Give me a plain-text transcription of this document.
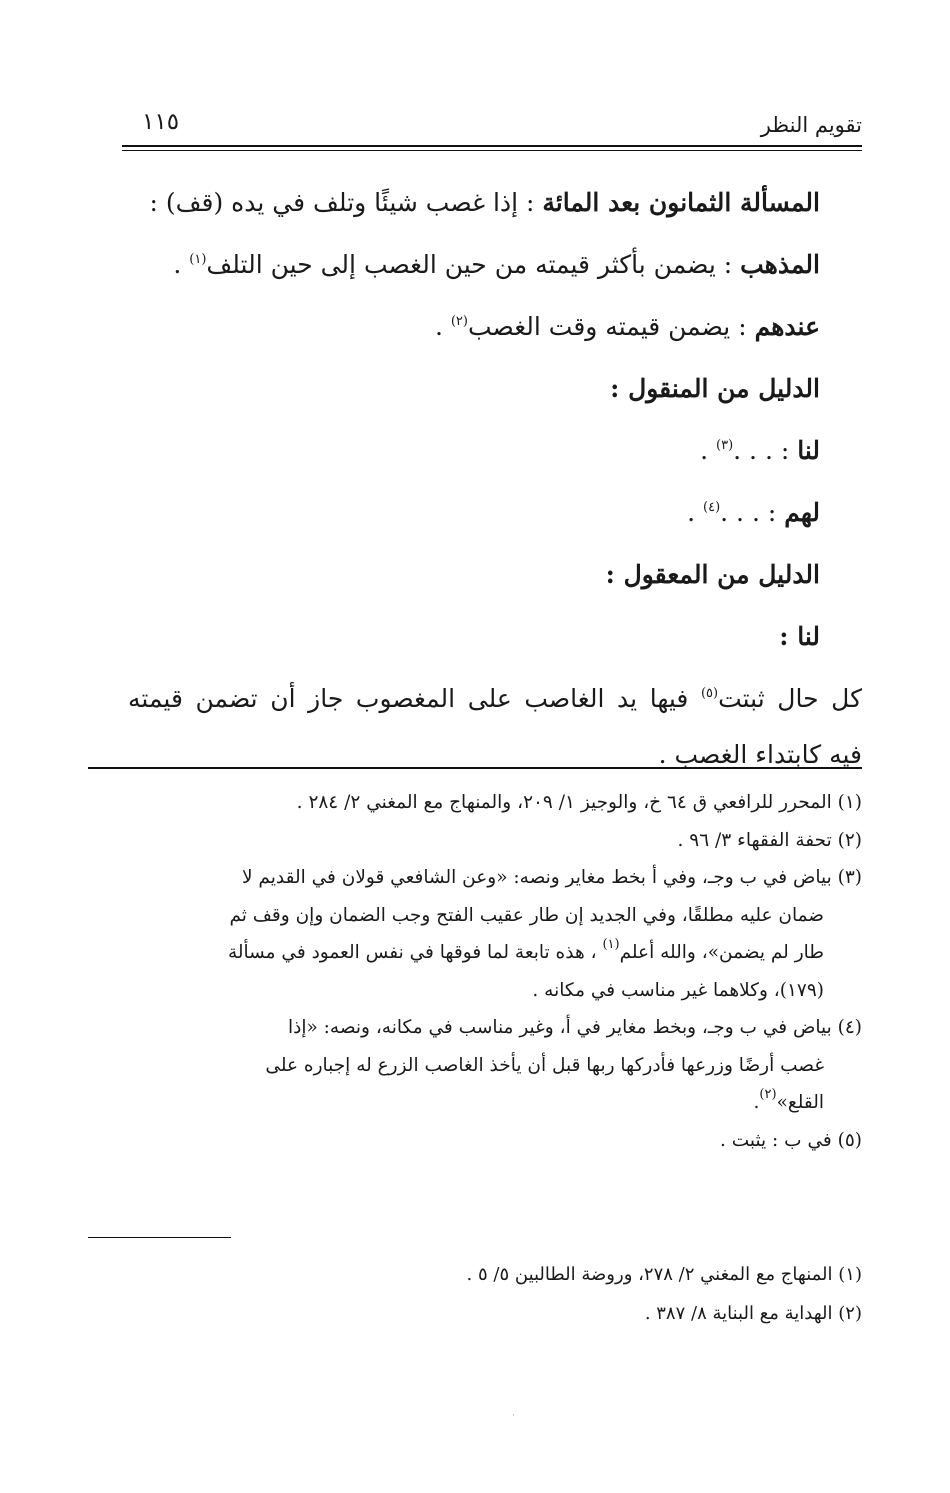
تقويم النظر
١١٥

المسألة الثمانون بعد المائة : إذا غصب شيئًا وتلف في يده (قف) :

المذهب : يضمن بأكثر قيمته من حين الغصب إلى حين التلف$^{(١)}$ .

عندهم : يضمن قيمته وقت الغصب$^{(٢)}$ .

الدليل من المنقول :

لنا : . . .$^{(٣)}$ .

لهم : . . .$^{(٤)}$ .

الدليل من المعقول :

لنا :

كل حال ثبتت$^{(٥)}$ فيها يد الغاصب على المغصوب جاز أن تضمن قيمته

فيه كابتداء الغصب .

(١) المحرر للرافعي ق ٦٤ خ، والوجيز ١/ ٢٠٩، والمنهاج مع المغني ٢/ ٢٨٤ .

(٢) تحفة الفقهاء ٣/ ٩٦ .

(٣) بياض في ب وجـ، وفي أ بخط مغاير ونصه: «وعن الشافعي قولان في القديم لا

ضمان عليه مطلقًا، وفي الجديد إن طار عقيب الفتح وجب الضمان وإن وقف ثم

طار لم يضمن»، والله أعلم$^{(١)}$ ، هذه تابعة لما فوقها في نفس العمود في مسألة

(١٧٩)، وكلاهما غير مناسب في مكانه .

(٤) بياض في ب وجـ، وبخط مغاير في أ، وغير مناسب في مكانه، ونصه: «إذا

غصب أرضًا وزرعها فأدركها ربها قبل أن يأخذ الغاصب الزرع له إجباره على

القلع»$^{(٢)}$.

(٥) في ب : يثبت .

(١) المنهاج مع المغني ٢/ ٢٧٨، وروضة الطالبين ٥/ ٥ .

(٢) الهداية مع البناية ٨/ ٣٨٧ .

·
